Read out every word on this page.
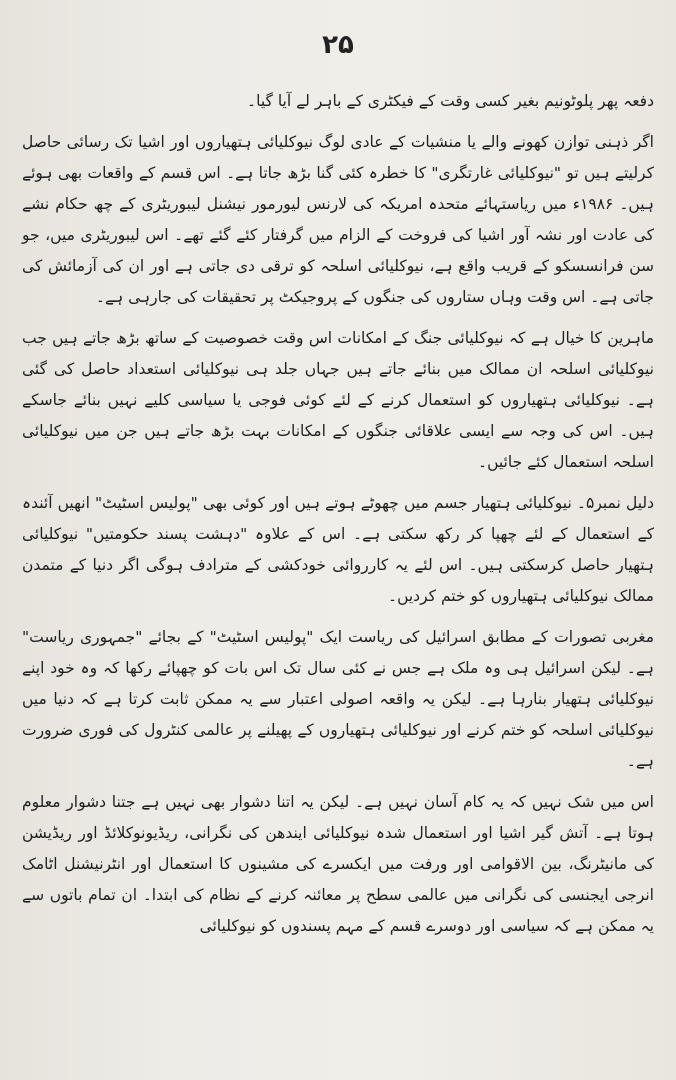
۲۵

دفعہ پھر پلوٹونیم بغیر کسی وقت کے فیکٹری کے باہر لے آیا گیا۔

اگر ذہنی توازن کھونے والے یا منشیات کے عادی لوگ نیوکلیائی ہتھیاروں اور اشیا تک رسائی حاصل کرلیتے ہیں تو "نیوکلیائی غارتگری" کا خطرہ کئی گنا بڑھ جاتا ہے۔ اس قسم کے واقعات بھی ہوئے ہیں۔ ۱۹۸۶ء میں ریاستہائے متحدہ امریکہ کی لارنس لیورمور نیشنل لیبوریٹری کے چھ حکام نشے کی عادت اور نشہ آور اشیا کی فروخت کے الزام میں گرفتار کئے گئے تھے۔ اس لیبوریٹری میں، جو سن فرانسسکو کے قریب واقع ہے، نیوکلیائی اسلحہ کو ترقی دی جاتی ہے اور ان کی آزمائش کی جاتی ہے۔ اس وقت وہاں ستاروں کی جنگوں کے پروجیکٹ پر تحقیقات کی جارہی ہے۔

ماہرین کا خیال ہے کہ نیوکلیائی جنگ کے امکانات اس وقت خصوصیت کے ساتھ بڑھ جاتے ہیں جب نیوکلیائی اسلحہ ان ممالک میں بنائے جاتے ہیں جہاں جلد ہی نیوکلیائی استعداد حاصل کی گئی ہے۔ نیوکلیائی ہتھیاروں کو استعمال کرنے کے لئے کوئی فوجی یا سیاسی کلیے نہیں بنائے جاسکے ہیں۔ اس کی وجہ سے ایسی علاقائی جنگوں کے امکانات بہت بڑھ جاتے ہیں جن میں نیوکلیائی اسلحہ استعمال کئے جائیں۔

دلیل نمبر۵۔ نیوکلیائی ہتھیار جسم میں چھوٹے ہوتے ہیں اور کوئی بھی "پولیس اسٹیٹ" انھیں آئندہ کے استعمال کے لئے چھپا کر رکھ سکتی ہے۔ اس کے علاوہ "دہشت پسند حکومتیں" نیوکلیائی ہتھیار حاصل کرسکتی ہیں۔ اس لئے یہ کارروائی خودکشی کے مترادف ہوگی اگر دنیا کے متمدن ممالک نیوکلیائی ہتھیاروں کو ختم کردیں۔

مغربی تصورات کے مطابق اسرائیل کی ریاست ایک "پولیس اسٹیٹ" کے بجائے "جمہوری ریاست" ہے۔ لیکن اسرائیل ہی وہ ملک ہے جس نے کئی سال تک اس بات کو چھپائے رکھا کہ وہ خود اپنے نیوکلیائی ہتھیار بنارہا ہے۔ لیکن یہ واقعہ اصولی اعتبار سے یہ ممکن ثابت کرتا ہے کہ دنیا میں نیوکلیائی اسلحہ کو ختم کرنے اور نیوکلیائی ہتھیاروں کے پھیلنے پر عالمی کنٹرول کی فوری ضرورت ہے۔

اس میں شک نہیں کہ یہ کام آسان نہیں ہے۔ لیکن یہ اتنا دشوار بھی نہیں ہے جتنا دشوار معلوم ہوتا ہے۔ آتش گیر اشیا اور استعمال شدہ نیوکلیائی ایندھن کی نگرانی، ریڈیونوکلائڈ اور ریڈیشن کی مانیٹرنگ، بین الاقوامی اور ورفت میں ایکسرے کی مشینوں کا استعمال اور انٹرنیشنل اٹامک انرجی ایجنسی کی نگرانی میں عالمی سطح پر معائنہ کرنے کے نظام کی ابتدا۔ ان تمام باتوں سے یہ ممکن ہے کہ سیاسی اور دوسرے قسم کے مہم پسندوں کو نیوکلیائی
